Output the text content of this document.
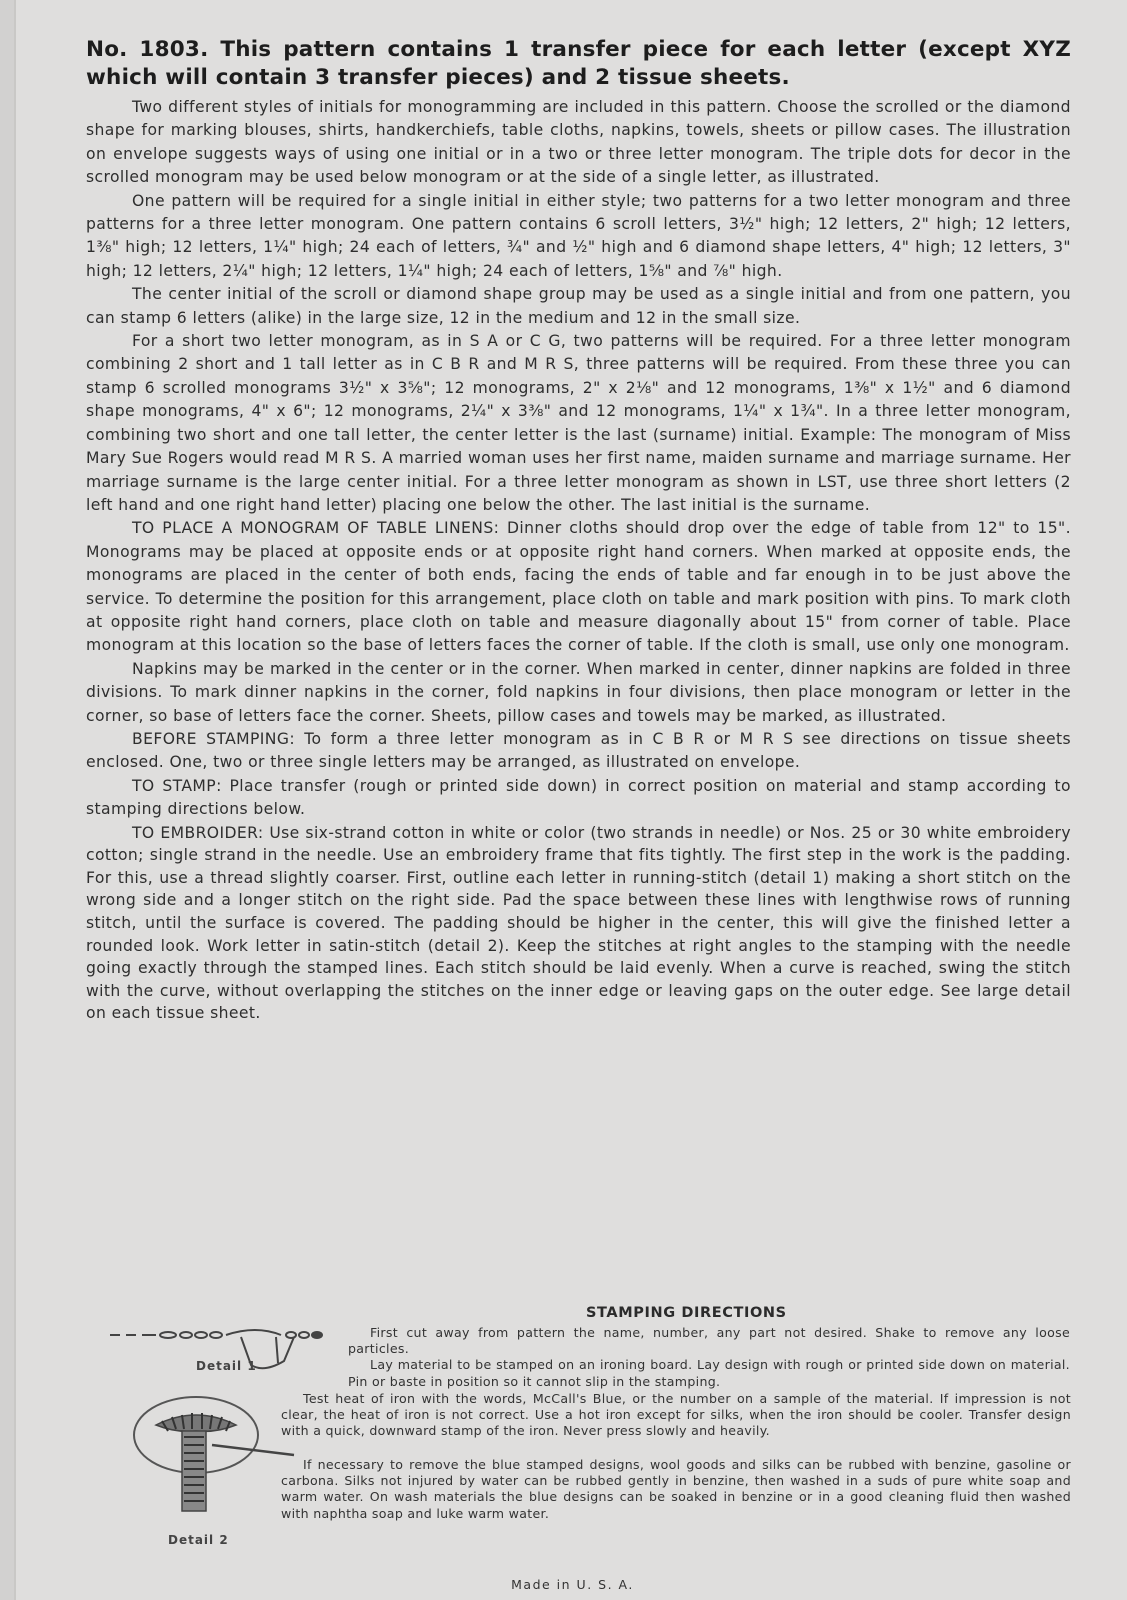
No. 1803. This pattern contains 1 transfer piece for each letter (except XYZ which will contain 3 transfer pieces) and 2 tissue sheets.

Two different styles of initials for monogramming are included in this pattern. Choose the scrolled or the diamond shape for marking blouses, shirts, handkerchiefs, table cloths, napkins, towels, sheets or pillow cases. The illustration on envelope suggests ways of using one initial or in a two or three letter monogram. The triple dots for decor in the scrolled monogram may be used below monogram or at the side of a single letter, as illustrated.

One pattern will be required for a single initial in either style; two patterns for a two letter monogram and three patterns for a three letter monogram. One pattern contains 6 scroll letters, 3½" high; 12 letters, 2" high; 12 letters, 1⅜" high; 12 letters, 1¼" high; 24 each of letters, ¾" and ½" high and 6 diamond shape letters, 4" high; 12 letters, 3" high; 12 letters, 2¼" high; 12 letters, 1¼" high; 24 each of letters, 1⅝" and ⅞" high.

The center initial of the scroll or diamond shape group may be used as a single initial and from one pattern, you can stamp 6 letters (alike) in the large size, 12 in the medium and 12 in the small size.

For a short two letter monogram, as in S A or C G, two patterns will be required. For a three letter monogram combining 2 short and 1 tall letter as in C B R and M R S, three patterns will be required. From these three you can stamp 6 scrolled monograms 3½" x 3⅝"; 12 monograms, 2" x 2⅛" and 12 monograms, 1⅜" x 1½" and 6 diamond shape monograms, 4" x 6"; 12 monograms, 2¼" x 3⅜" and 12 monograms, 1¼" x 1¾". In a three letter monogram, combining two short and one tall letter, the center letter is the last (surname) initial. Example: The monogram of Miss Mary Sue Rogers would read M R S. A married woman uses her first name, maiden surname and marriage surname. Her marriage surname is the large center initial. For a three letter monogram as shown in LST, use three short letters (2 left hand and one right hand letter) placing one below the other. The last initial is the surname.

TO PLACE A MONOGRAM OF TABLE LINENS: Dinner cloths should drop over the edge of table from 12" to 15". Monograms may be placed at opposite ends or at opposite right hand corners. When marked at opposite ends, the monograms are placed in the center of both ends, facing the ends of table and far enough in to be just above the service. To determine the position for this arrangement, place cloth on table and mark position with pins. To mark cloth at opposite right hand corners, place cloth on table and measure diagonally about 15" from corner of table. Place monogram at this location so the base of letters faces the corner of table. If the cloth is small, use only one monogram.

Napkins may be marked in the center or in the corner. When marked in center, dinner napkins are folded in three divisions. To mark dinner napkins in the corner, fold napkins in four divisions, then place monogram or letter in the corner, so base of letters face the corner. Sheets, pillow cases and towels may be marked, as illustrated.

BEFORE STAMPING: To form a three letter monogram as in C B R or M R S see directions on tissue sheets enclosed. One, two or three single letters may be arranged, as illustrated on envelope.

TO STAMP: Place transfer (rough or printed side down) in correct position on material and stamp according to stamping directions below.

TO EMBROIDER: Use six-strand cotton in white or color (two strands in needle) or Nos. 25 or 30 white embroidery cotton; single strand in the needle. Use an embroidery frame that fits tightly. The first step in the work is the padding. For this, use a thread slightly coarser. First, outline each letter in running-stitch (detail 1) making a short stitch on the wrong side and a longer stitch on the right side. Pad the space between these lines with lengthwise rows of running stitch, until the surface is covered. The padding should be higher in the center, this will give the finished letter a rounded look. Work letter in satin-stitch (detail 2). Keep the stitches at right angles to the stamping with the needle going exactly through the stamped lines. Each stitch should be laid evenly. When a curve is reached, swing the stitch with the curve, without overlapping the stitches on the inner edge or leaving gaps on the outer edge. See large detail on each tissue sheet.

STAMPING DIRECTIONS
Detail 1
Detail 2

First cut away from pattern the name, number, any part not desired. Shake to remove any loose particles.

Lay material to be stamped on an ironing board. Lay design with rough or printed side down on material. Pin or baste in position so it cannot slip in the stamping.

Test heat of iron with the words, McCall's Blue, or the number on a sample of the material. If impression is not clear, the heat of iron is not correct. Use a hot iron except for silks, when the iron should be cooler. Transfer design with a quick, downward stamp of the iron. Never press slowly and heavily.

If necessary to remove the blue stamped designs, wool goods and silks can be rubbed with benzine, gasoline or carbona. Silks not injured by water can be rubbed gently in benzine, then washed in a suds of pure white soap and warm water. On wash materials the blue designs can be soaked in benzine or in a good cleaning fluid then washed with naphtha soap and luke warm water.

Made in U. S. A.
